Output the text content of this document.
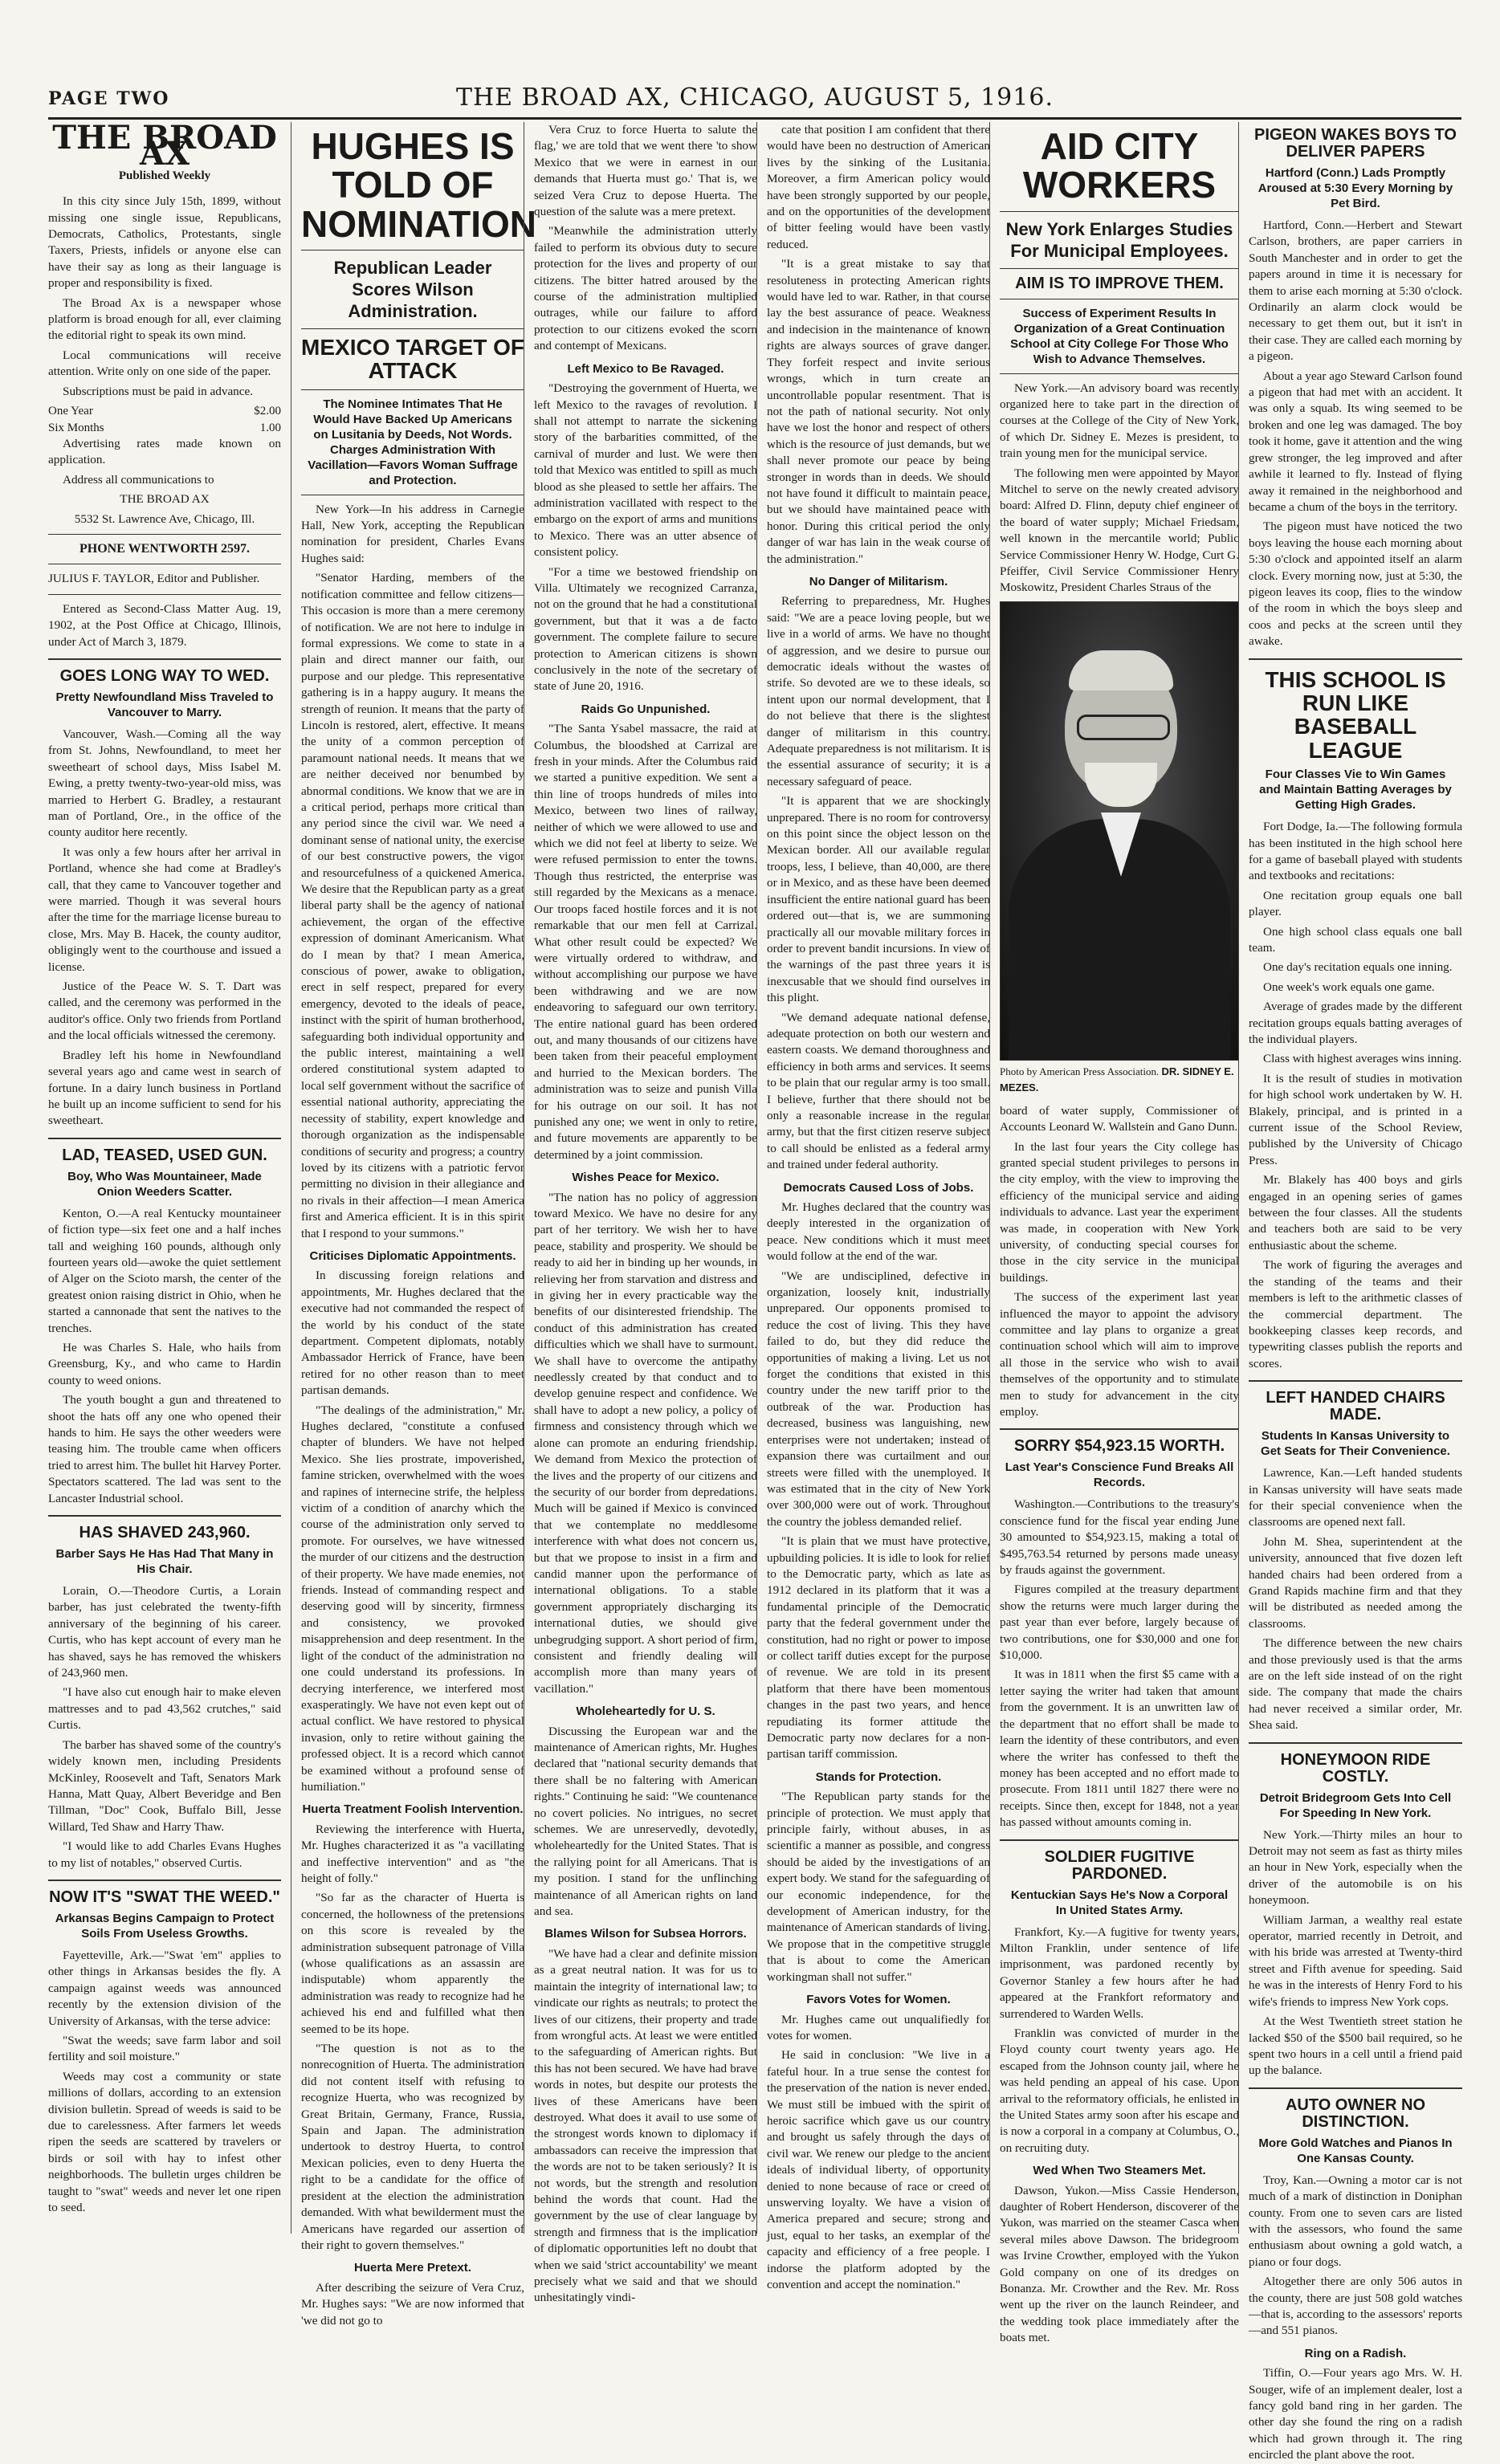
PAGE TWO	THE BROAD AX, CHICAGO, AUGUST 5, 1916.
THE BROAD AX
Published Weekly

In this city since July 15th, 1899, without missing one single issue, Republicans, Democrats, Catholics, Protestants, single Taxers, Priests, infidels or anyone else can have their say as long as their language is proper and responsibility is fixed.

The Broad Ax is a newspaper whose platform is broad enough for all, ever claiming the editorial right to speak its own mind.

Local communications will receive attention. Write only on one side of the paper.

Subscriptions must be paid in advance.

One Year	$2.00
Six Months	1.00

Advertising rates made known on application.

Address all communications to

THE BROAD AX

5532 St. Lawrence Ave, Chicago, Ill.

PHONE WENTWORTH 2597.

JULIUS F. TAYLOR, Editor and Publisher.

Entered as Second-Class Matter Aug. 19, 1902, at the Post Office at Chicago, Illinois, under Act of March 3, 1879.

GOES LONG WAY TO WED.
Pretty Newfoundland Miss Traveled to Vancouver to Marry.

Vancouver, Wash.—Coming all the way from St. Johns, Newfoundland, to meet her sweetheart of school days, Miss Isabel M. Ewing, a pretty twenty-two-year-old miss, was married to Herbert G. Bradley, a restaurant man of Portland, Ore., in the office of the county auditor here recently.

It was only a few hours after her arrival in Portland, whence she had come at Bradley's call, that they came to Vancouver together and were married. Though it was several hours after the time for the marriage license bureau to close, Mrs. May B. Hacek, the county auditor, obligingly went to the courthouse and issued a license.

Justice of the Peace W. S. T. Dart was called, and the ceremony was performed in the auditor's office. Only two friends from Portland and the local officials witnessed the ceremony.

Bradley left his home in Newfoundland several years ago and came west in search of fortune. In a dairy lunch business in Portland he built up an income sufficient to send for his sweetheart.

LAD, TEASED, USED GUN.
Boy, Who Was Mountaineer, Made Onion Weeders Scatter.

Kenton, O.—A real Kentucky mountaineer of fiction type—six feet one and a half inches tall and weighing 160 pounds, although only fourteen years old—awoke the quiet settlement of Alger on the Scioto marsh, the center of the greatest onion raising district in Ohio, when he started a cannonade that sent the natives to the trenches.

He was Charles S. Hale, who hails from Greensburg, Ky., and who came to Hardin county to weed onions.

The youth bought a gun and threatened to shoot the hats off any one who opened their hands to him. He says the other weeders were teasing him. The trouble came when officers tried to arrest him. The bullet hit Harvey Porter. Spectators scattered. The lad was sent to the Lancaster Industrial school.

HAS SHAVED 243,960.
Barber Says He Has Had That Many in His Chair.

Lorain, O.—Theodore Curtis, a Lorain barber, has just celebrated the twenty-fifth anniversary of the beginning of his career. Curtis, who has kept account of every man he has shaved, says he has removed the whiskers of 243,960 men.

"I have also cut enough hair to make eleven mattresses and to pad 43,562 crutches," said Curtis.

The barber has shaved some of the country's widely known men, including Presidents McKinley, Roosevelt and Taft, Senators Mark Hanna, Matt Quay, Albert Beveridge and Ben Tillman, "Doc" Cook, Buffalo Bill, Jesse Willard, Ted Shaw and Harry Thaw.

"I would like to add Charles Evans Hughes to my list of notables," observed Curtis.

NOW IT'S "SWAT THE WEED."
Arkansas Begins Campaign to Protect Soils From Useless Growths.

Fayetteville, Ark.—"Swat 'em" applies to other things in Arkansas besides the fly. A campaign against weeds was announced recently by the extension division of the University of Arkansas, with the terse advice:

"Swat the weeds; save farm labor and soil fertility and soil moisture."

Weeds may cost a community or state millions of dollars, according to an extension division bulletin. Spread of weeds is said to be due to carelessness. After farmers let weeds ripen the seeds are scattered by travelers or birds or soil with hay to infest other neighborhoods. The bulletin urges children be taught to "swat" weeds and never let one ripen to seed.

HUGHES IS TOLD OF NOMINATION
Republican Leader Scores Wilson Administration.
MEXICO TARGET OF ATTACK
The Nominee Intimates That He Would Have Backed Up Americans on Lusitania by Deeds, Not Words. Charges Administration With Vacillation—Favors Woman Suffrage and Protection.

New York—In his address in Carnegie Hall, New York, accepting the Republican nomination for president, Charles Evans Hughes said:

"Senator Harding, members of the notification committee and fellow citizens—This occasion is more than a mere ceremony of notification. We are not here to indulge in formal expressions. We come to state in a plain and direct manner our faith, our purpose and our pledge. This representative gathering is in a happy augury. It means the strength of reunion. It means that the party of Lincoln is restored, alert, effective. It means the unity of a common perception of paramount national needs. It means that we are neither deceived nor benumbed by abnormal conditions. We know that we are in a critical period, perhaps more critical than any period since the civil war. We need a dominant sense of national unity, the exercise of our best constructive powers, the vigor and resourcefulness of a quickened America. We desire that the Republican party as a great liberal party shall be the agency of national achievement, the organ of the effective expression of dominant Americanism. What do I mean by that? I mean America, conscious of power, awake to obligation, erect in self respect, prepared for every emergency, devoted to the ideals of peace, instinct with the spirit of human brotherhood, safeguarding both individual opportunity and the public interest, maintaining a well ordered constitutional system adapted to local self government without the sacrifice of essential national authority, appreciating the necessity of stability, expert knowledge and thorough organization as the indispensable conditions of security and progress; a country loved by its citizens with a patriotic fervor permitting no division in their allegiance and no rivals in their affection—I mean America first and America efficient. It is in this spirit that I respond to your summons."

Criticises Diplomatic Appointments.

In discussing foreign relations and appointments, Mr. Hughes declared that the executive had not commanded the respect of the world by his conduct of the state department. Competent diplomats, notably Ambassador Herrick of France, have been retired for no other reason than to meet partisan demands.

"The dealings of the administration," Mr. Hughes declared, "constitute a confused chapter of blunders. We have not helped Mexico. She lies prostrate, impoverished, famine stricken, overwhelmed with the woes and rapines of internecine strife, the helpless victim of a condition of anarchy which the course of the administration only served to promote. For ourselves, we have witnessed the murder of our citizens and the destruction of their property. We have made enemies, not friends. Instead of commanding respect and deserving good will by sincerity, firmness and consistency, we provoked misapprehension and deep resentment. In the light of the conduct of the administration no one could understand its professions. In decrying interference, we interfered most exasperatingly. We have not even kept out of actual conflict. We have restored to physical invasion, only to retire without gaining the professed object. It is a record which cannot be examined without a profound sense of humiliation."

Huerta Treatment Foolish Intervention.

Reviewing the interference with Huerta, Mr. Hughes characterized it as "a vacillating and ineffective intervention" and as "the height of folly."

"So far as the character of Huerta is concerned, the hollowness of the pretensions on this score is revealed by the administration subsequent patronage of Villa (whose qualifications as an assassin are indisputable) whom apparently the administration was ready to recognize had he achieved his end and fulfilled what then seemed to be its hope.

"The question is not as to the nonrecognition of Huerta. The administration did not content itself with refusing to recognize Huerta, who was recognized by Great Britain, Germany, France, Russia, Spain and Japan. The administration undertook to destroy Huerta, to control Mexican policies, even to deny Huerta the right to be a candidate for the office of president at the election the administration demanded. With what bewilderment must the Americans have regarded our assertion of their right to govern themselves."

Huerta Mere Pretext.

After describing the seizure of Vera Cruz, Mr. Hughes says: "We are now informed that 'we did not go to

Vera Cruz to force Huerta to salute the flag,' we are told that we went there 'to show Mexico that we were in earnest in our demands that Huerta must go.' That is, we seized Vera Cruz to depose Huerta. The question of the salute was a mere pretext.

"Meanwhile the administration utterly failed to perform its obvious duty to secure protection for the lives and property of our citizens. The bitter hatred aroused by the course of the administration multiplied outrages, while our failure to afford protection to our citizens evoked the scorn and contempt of Mexicans.

Left Mexico to Be Ravaged.

"Destroying the government of Huerta, we left Mexico to the ravages of revolution. I shall not attempt to narrate the sickening story of the barbarities committed, of the carnival of murder and lust. We were then told that Mexico was entitled to spill as much blood as she pleased to settle her affairs. The administration vacillated with respect to the embargo on the export of arms and munitions to Mexico. There was an utter absence of consistent policy.

"For a time we bestowed friendship on Villa. Ultimately we recognized Carranza, not on the ground that he had a constitutional government, but that it was a de facto government. The complete failure to secure protection to American citizens is shown conclusively in the note of the secretary of state of June 20, 1916.

Raids Go Unpunished.

"The Santa Ysabel massacre, the raid at Columbus, the bloodshed at Carrizal are fresh in your minds. After the Columbus raid we started a punitive expedition. We sent a thin line of troops hundreds of miles into Mexico, between two lines of railway, neither of which we were allowed to use and which we did not feel at liberty to seize. We were refused permission to enter the towns. Though thus restricted, the enterprise was still regarded by the Mexicans as a menace. Our troops faced hostile forces and it is not remarkable that our men fell at Carrizal. What other result could be expected? We were virtually ordered to withdraw, and without accomplishing our purpose we have been withdrawing and we are now endeavoring to safeguard our own territory. The entire national guard has been ordered out, and many thousands of our citizens have been taken from their peaceful employment and hurried to the Mexican borders. The administration was to seize and punish Villa for his outrage on our soil. It has not punished any one; we went in only to retire, and future movements are apparently to be determined by a joint commission.

Wishes Peace for Mexico.

"The nation has no policy of aggression toward Mexico. We have no desire for any part of her territory. We wish her to have peace, stability and prosperity. We should be ready to aid her in binding up her wounds, in relieving her from starvation and distress and in giving her in every practicable way the benefits of our disinterested friendship. The conduct of this administration has created difficulties which we shall have to surmount. We shall have to overcome the antipathy needlessly created by that conduct and to develop genuine respect and confidence. We shall have to adopt a new policy, a policy of firmness and consistency through which we alone can promote an enduring friendship. We demand from Mexico the protection of the lives and the property of our citizens and the security of our border from depredations. Much will be gained if Mexico is convinced that we contemplate no meddlesome interference with what does not concern us, but that we propose to insist in a firm and candid manner upon the performance of international obligations. To a stable government appropriately discharging its international duties, we should give unbegrudging support. A short period of firm, consistent and friendly dealing will accomplish more than many years of vacillation."

Wholeheartedly for U. S.

Discussing the European war and the maintenance of American rights, Mr. Hughes declared that "national security demands that there shall be no faltering with American rights." Continuing he said: "We countenance no covert policies. No intrigues, no secret schemes. We are unreservedly, devotedly, wholeheartedly for the United States. That is the rallying point for all Americans. That is my position. I stand for the unflinching maintenance of all American rights on land and sea.

Blames Wilson for Subsea Horrors.

"We have had a clear and definite mission as a great neutral nation. It was for us to maintain the integrity of international law; to vindicate our rights as neutrals; to protect the lives of our citizens, their property and trade from wrongful acts. At least we were entitled to the safeguarding of American rights. But this has not been secured. We have had brave words in notes, but despite our protests the lives of these Americans have been destroyed. What does it avail to use some of the strongest words known to diplomacy if ambassadors can receive the impression that the words are not to be taken seriously? It is not words, but the strength and resolution behind the words that count. Had the government by the use of clear language by strength and firmness that is the implication of diplomatic opportunities left no doubt that when we said 'strict accountability' we meant precisely what we said and that we should unhesitatingly vindi-

cate that position I am confident that there would have been no destruction of American lives by the sinking of the Lusitania. Moreover, a firm American policy would have been strongly supported by our people, and on the opportunities of the development of bitter feeling would have been vastly reduced.

"It is a great mistake to say that resoluteness in protecting American rights would have led to war. Rather, in that course lay the best assurance of peace. Weakness and indecision in the maintenance of known rights are always sources of grave danger. They forfeit respect and invite serious wrongs, which in turn create an uncontrollable popular resentment. That is not the path of national security. Not only have we lost the honor and respect of others which is the resource of just demands, but we shall never promote our peace by being stronger in words than in deeds. We should not have found it difficult to maintain peace, but we should have maintained peace with honor. During this critical period the only danger of war has lain in the weak course of the administration."

No Danger of Militarism.

Referring to preparedness, Mr. Hughes said: "We are a peace loving people, but we live in a world of arms. We have no thought of aggression, and we desire to pursue our democratic ideals without the wastes of strife. So devoted are we to these ideals, so intent upon our normal development, that I do not believe that there is the slightest danger of militarism in this country. Adequate preparedness is not militarism. It is the essential assurance of security; it is a necessary safeguard of peace.

"It is apparent that we are shockingly unprepared. There is no room for controversy on this point since the object lesson on the Mexican border. All our available regular troops, less, I believe, than 40,000, are there or in Mexico, and as these have been deemed insufficient the entire national guard has been ordered out—that is, we are summoning practically all our movable military forces in order to prevent bandit incursions. In view of the warnings of the past three years it is inexcusable that we should find ourselves in this plight.

"We demand adequate national defense, adequate protection on both our western and eastern coasts. We demand thoroughness and efficiency in both arms and services. It seems to be plain that our regular army is too small. I believe, further that there should not be only a reasonable increase in the regular army, but that the first citizen reserve subject to call should be enlisted as a federal army and trained under federal authority.

Democrats Caused Loss of Jobs.

Mr. Hughes declared that the country was deeply interested in the organization of peace. New conditions which it must meet would follow at the end of the war.

"We are undisciplined, defective in organization, loosely knit, industrially unprepared. Our opponents promised to reduce the cost of living. This they have failed to do, but they did reduce the opportunities of making a living. Let us not forget the conditions that existed in this country under the new tariff prior to the outbreak of the war. Production has decreased, business was languishing, new enterprises were not undertaken; instead of expansion there was curtailment and our streets were filled with the unemployed. It was estimated that in the city of New York over 300,000 were out of work. Throughout the country the jobless demanded relief.

"It is plain that we must have protective, upbuilding policies. It is idle to look for relief to the Democratic party, which as late as 1912 declared in its platform that it was a fundamental principle of the Democratic party that the federal government under the constitution, had no right or power to impose or collect tariff duties except for the purpose of revenue. We are told in its present platform that there have been momentous changes in the past two years, and hence repudiating its former attitude the Democratic party now declares for a non-partisan tariff commission.

Stands for Protection.

"The Republican party stands for the principle of protection. We must apply that principle fairly, without abuses, in as scientific a manner as possible, and congress should be aided by the investigations of an expert body. We stand for the safeguarding of our economic independence, for the development of American industry, for the maintenance of American standards of living. We propose that in the competitive struggle that is about to come the American workingman shall not suffer."

Favors Votes for Women.

Mr. Hughes came out unqualifiedly for votes for women.

He said in conclusion: "We live in a fateful hour. In a true sense the contest for the preservation of the nation is never ended. We must still be imbued with the spirit of heroic sacrifice which gave us our country and brought us safely through the days of civil war. We renew our pledge to the ancient ideals of individual liberty, of opportunity denied to none because of race or creed of unswerving loyalty. We have a vision of America prepared and secure; strong and just, equal to her tasks, an exemplar of the capacity and efficiency of a free people. I indorse the platform adopted by the convention and accept the nomination."

AID CITY WORKERS
New York Enlarges Studies For Municipal Employees.
AIM IS TO IMPROVE THEM.
Success of Experiment Results In Organization of a Great Continuation School at City College For Those Who Wish to Advance Themselves.

New York.—An advisory board was recently organized here to take part in the direction of courses at the College of the City of New York, of which Dr. Sidney E. Mezes is president, to train young men for the municipal service.

The following men were appointed by Mayor Mitchel to serve on the newly created advisory board: Alfred D. Flinn, deputy chief engineer of the board of water supply; Michael Friedsam, well known in the mercantile world; Public Service Commissioner Henry W. Hodge, Curt G. Pfeiffer, Civil Service Commissioner Henry Moskowitz, President Charles Straus of the

Photo by American Press Association. DR. SIDNEY E. MEZES.

board of water supply, Commissioner of Accounts Leonard W. Wallstein and Gano Dunn.

In the last four years the City college has granted special student privileges to persons in the city employ, with the view to improving the efficiency of the municipal service and aiding individuals to advance. Last year the experiment was made, in cooperation with New York university, of conducting special courses for those in the city service in the municipal buildings.

The success of the experiment last year influenced the mayor to appoint the advisory committee and lay plans to organize a great continuation school which will aim to improve all those in the service who wish to avail themselves of the opportunity and to stimulate men to study for advancement in the city employ.

SORRY $54,923.15 WORTH.
Last Year's Conscience Fund Breaks All Records.

Washington.—Contributions to the treasury's conscience fund for the fiscal year ending June 30 amounted to $54,923.15, making a total of $495,763.54 returned by persons made uneasy by frauds against the government.

Figures compiled at the treasury department show the returns were much larger during the past year than ever before, largely because of two contributions, one for $30,000 and one for $10,000.

It was in 1811 when the first $5 came with a letter saying the writer had taken that amount from the government. It is an unwritten law of the department that no effort shall be made to learn the identity of these contributors, and even where the writer has confessed to theft the money has been accepted and no effort made to prosecute. From 1811 until 1827 there were no receipts. Since then, except for 1848, not a year has passed without amounts coming in.

SOLDIER FUGITIVE PARDONED.
Kentuckian Says He's Now a Corporal In United States Army.

Frankfort, Ky.—A fugitive for twenty years, Milton Franklin, under sentence of life imprisonment, was pardoned recently by Governor Stanley a few hours after he had appeared at the Frankfort reformatory and surrendered to Warden Wells.

Franklin was convicted of murder in the Floyd county court twenty years ago. He escaped from the Johnson county jail, where he was held pending an appeal of his case. Upon arrival to the reformatory officials, he enlisted in the United States army soon after his escape and is now a corporal in a company at Columbus, O., on recruiting duty.

Wed When Two Steamers Met.

Dawson, Yukon.—Miss Cassie Henderson, daughter of Robert Henderson, discoverer of the Yukon, was married on the steamer Casca when several miles above Dawson. The bridegroom was Irvine Crowther, employed with the Yukon Gold company on one of its dredges on Bonanza. Mr. Crowther and the Rev. Mr. Ross went up the river on the launch Reindeer, and the wedding took place immediately after the boats met.

PIGEON WAKES BOYS TO DELIVER PAPERS
Hartford (Conn.) Lads Promptly Aroused at 5:30 Every Morning by Pet Bird.

Hartford, Conn.—Herbert and Stewart Carlson, brothers, are paper carriers in South Manchester and in order to get the papers around in time it is necessary for them to arise each morning at 5:30 o'clock. Ordinarily an alarm clock would be necessary to get them out, but it isn't in their case. They are called each morning by a pigeon.

About a year ago Steward Carlson found a pigeon that had met with an accident. It was only a squab. Its wing seemed to be broken and one leg was damaged. The boy took it home, gave it attention and the wing grew stronger, the leg improved and after awhile it learned to fly. Instead of flying away it remained in the neighborhood and became a chum of the boys in the territory.

The pigeon must have noticed the two boys leaving the house each morning about 5:30 o'clock and appointed itself an alarm clock. Every morning now, just at 5:30, the pigeon leaves its coop, flies to the window of the room in which the boys sleep and coos and pecks at the screen until they awake.

THIS SCHOOL IS RUN LIKE BASEBALL LEAGUE
Four Classes Vie to Win Games and Maintain Batting Averages by Getting High Grades.

Fort Dodge, Ia.—The following formula has been instituted in the high school here for a game of baseball played with students and textbooks and recitations:

One recitation group equals one ball player.

One high school class equals one ball team.

One day's recitation equals one inning.

One week's work equals one game.

Average of grades made by the different recitation groups equals batting averages of the individual players.

Class with highest averages wins inning.

It is the result of studies in motivation for high school work undertaken by W. H. Blakely, principal, and is printed in a current issue of the School Review, published by the University of Chicago Press.

Mr. Blakely has 400 boys and girls engaged in an opening series of games between the four classes. All the students and teachers both are said to be very enthusiastic about the scheme.

The work of figuring the averages and the standing of the teams and their members is left to the arithmetic classes of the commercial department. The bookkeeping classes keep records, and typewriting classes publish the reports and scores.

LEFT HANDED CHAIRS MADE.
Students In Kansas University to Get Seats for Their Convenience.

Lawrence, Kan.—Left handed students in Kansas university will have seats made for their special convenience when the classrooms are opened next fall.

John M. Shea, superintendent at the university, announced that five dozen left handed chairs had been ordered from a Grand Rapids machine firm and that they will be distributed as needed among the classrooms.

The difference between the new chairs and those previously used is that the arms are on the left side instead of on the right side. The company that made the chairs had never received a similar order, Mr. Shea said.

HONEYMOON RIDE COSTLY.
Detroit Bridegroom Gets Into Cell For Speeding In New York.

New York.—Thirty miles an hour to Detroit may not seem as fast as thirty miles an hour in New York, especially when the driver of the automobile is on his honeymoon.

William Jarman, a wealthy real estate operator, married recently in Detroit, and with his bride was arrested at Twenty-third street and Fifth avenue for speeding. Said he was in the interests of Henry Ford to his wife's friends to impress New York cops.

At the West Twentieth street station he lacked $50 of the $500 bail required, so he spent two hours in a cell until a friend paid up the balance.

AUTO OWNER NO DISTINCTION.
More Gold Watches and Pianos In One Kansas County.

Troy, Kan.—Owning a motor car is not much of a mark of distinction in Doniphan county. From one to seven cars are listed with the assessors, who found the same enthusiasm about owning a gold watch, a piano or four dogs.

Altogether there are only 506 autos in the county, there are just 508 gold watches—that is, according to the assessors' reports—and 551 pianos.

Ring on a Radish.

Tiffin, O.—Four years ago Mrs. W. H. Souger, wife of an implement dealer, lost a fancy gold band ring in her garden. The other day she found the ring on a radish which had grown through it. The ring encircled the plant above the root.
